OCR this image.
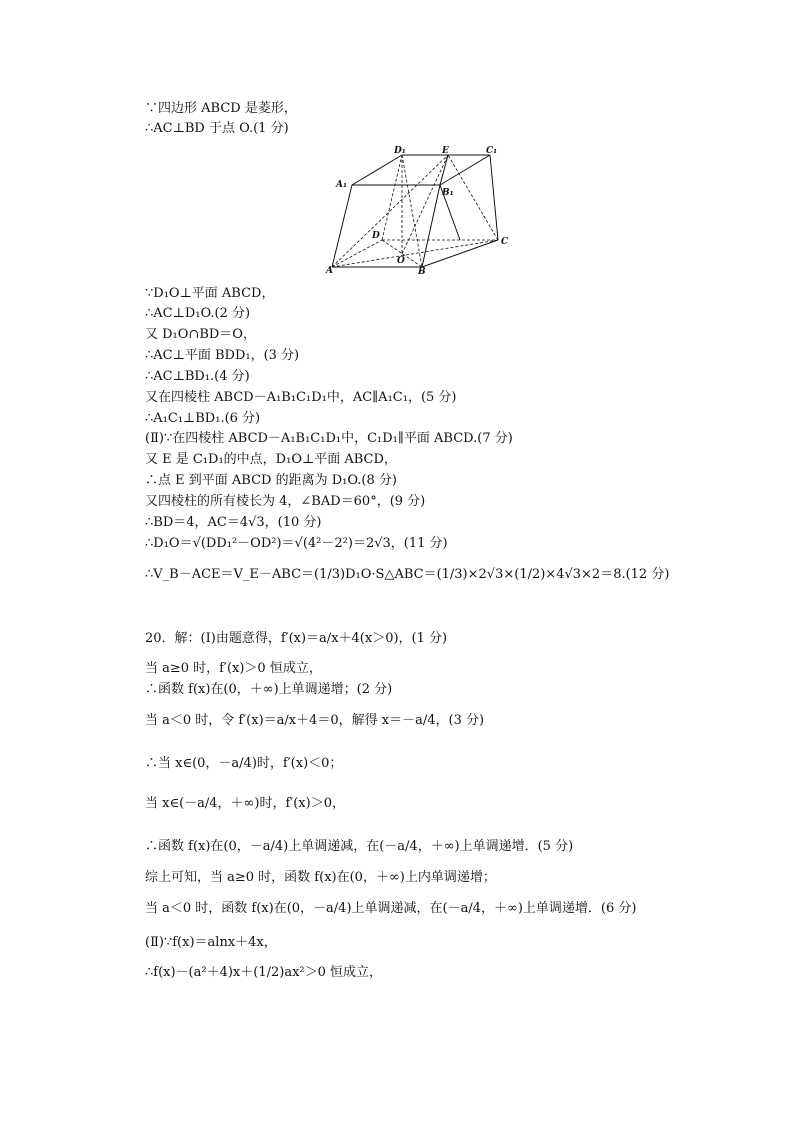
∵四边形 ABCD 是菱形，
∴AC⊥BD 于点 O.(1 分)
A	B
C
D
O
E
A₁
B₁
C₁
D₁
∵D₁O⊥平面 ABCD，
∴AC⊥D₁O.(2 分)
又 D₁O∩BD＝O，
∴AC⊥平面 BDD₁，(3 分)
∴AC⊥BD₁.(4 分)
又在四棱柱 ABCD－A₁B₁C₁D₁中，AC∥A₁C₁，(5 分)
∴A₁C₁⊥BD₁.(6 分)
(Ⅱ)∵在四棱柱 ABCD－A₁B₁C₁D₁中，C₁D₁∥平面 ABCD.(7 分)
又 E 是 C₁D₁的中点，D₁O⊥平面 ABCD，
∴点 E 到平面 ABCD 的距离为 D₁O.(8 分)
又四棱柱的所有棱长为 4，∠BAD＝60°，(9 分)
∴BD＝4，AC＝4√3，(10 分)
∴D₁O＝√(DD₁²－OD²)＝√(4²－2²)＝2√3，(11 分)
∴V_B－ACE＝V_E－ABC＝(1/3)D₁O·S△ABC＝(1/3)×2√3×(1/2)×4√3×2＝8.(12 分)
20．解：(Ⅰ)由题意得，f′(x)＝a/x＋4(x＞0)，(1 分)
当 a≥0 时，f′(x)＞0 恒成立，
∴函数 f(x)在(0，＋∞)上单调递增；(2 分)
当 a＜0 时，令 f′(x)＝a/x＋4＝0，解得 x＝－a/4，(3 分)
∴当 x∈(0，－a/4)时，f′(x)＜0；
当 x∈(－a/4，＋∞)时，f′(x)＞0，
∴函数 f(x)在(0，－a/4)上单调递减，在(－a/4，＋∞)上单调递增．(5 分)
综上可知，当 a≥0 时，函数 f(x)在(0，＋∞)上内单调递增；
当 a＜0 时，函数 f(x)在(0，－a/4)上单调递减，在(－a/4，＋∞)上单调递增．(6 分)
(Ⅱ)∵f(x)＝alnx＋4x，
∴f(x)－(a²＋4)x＋(1/2)ax²＞0 恒成立，
